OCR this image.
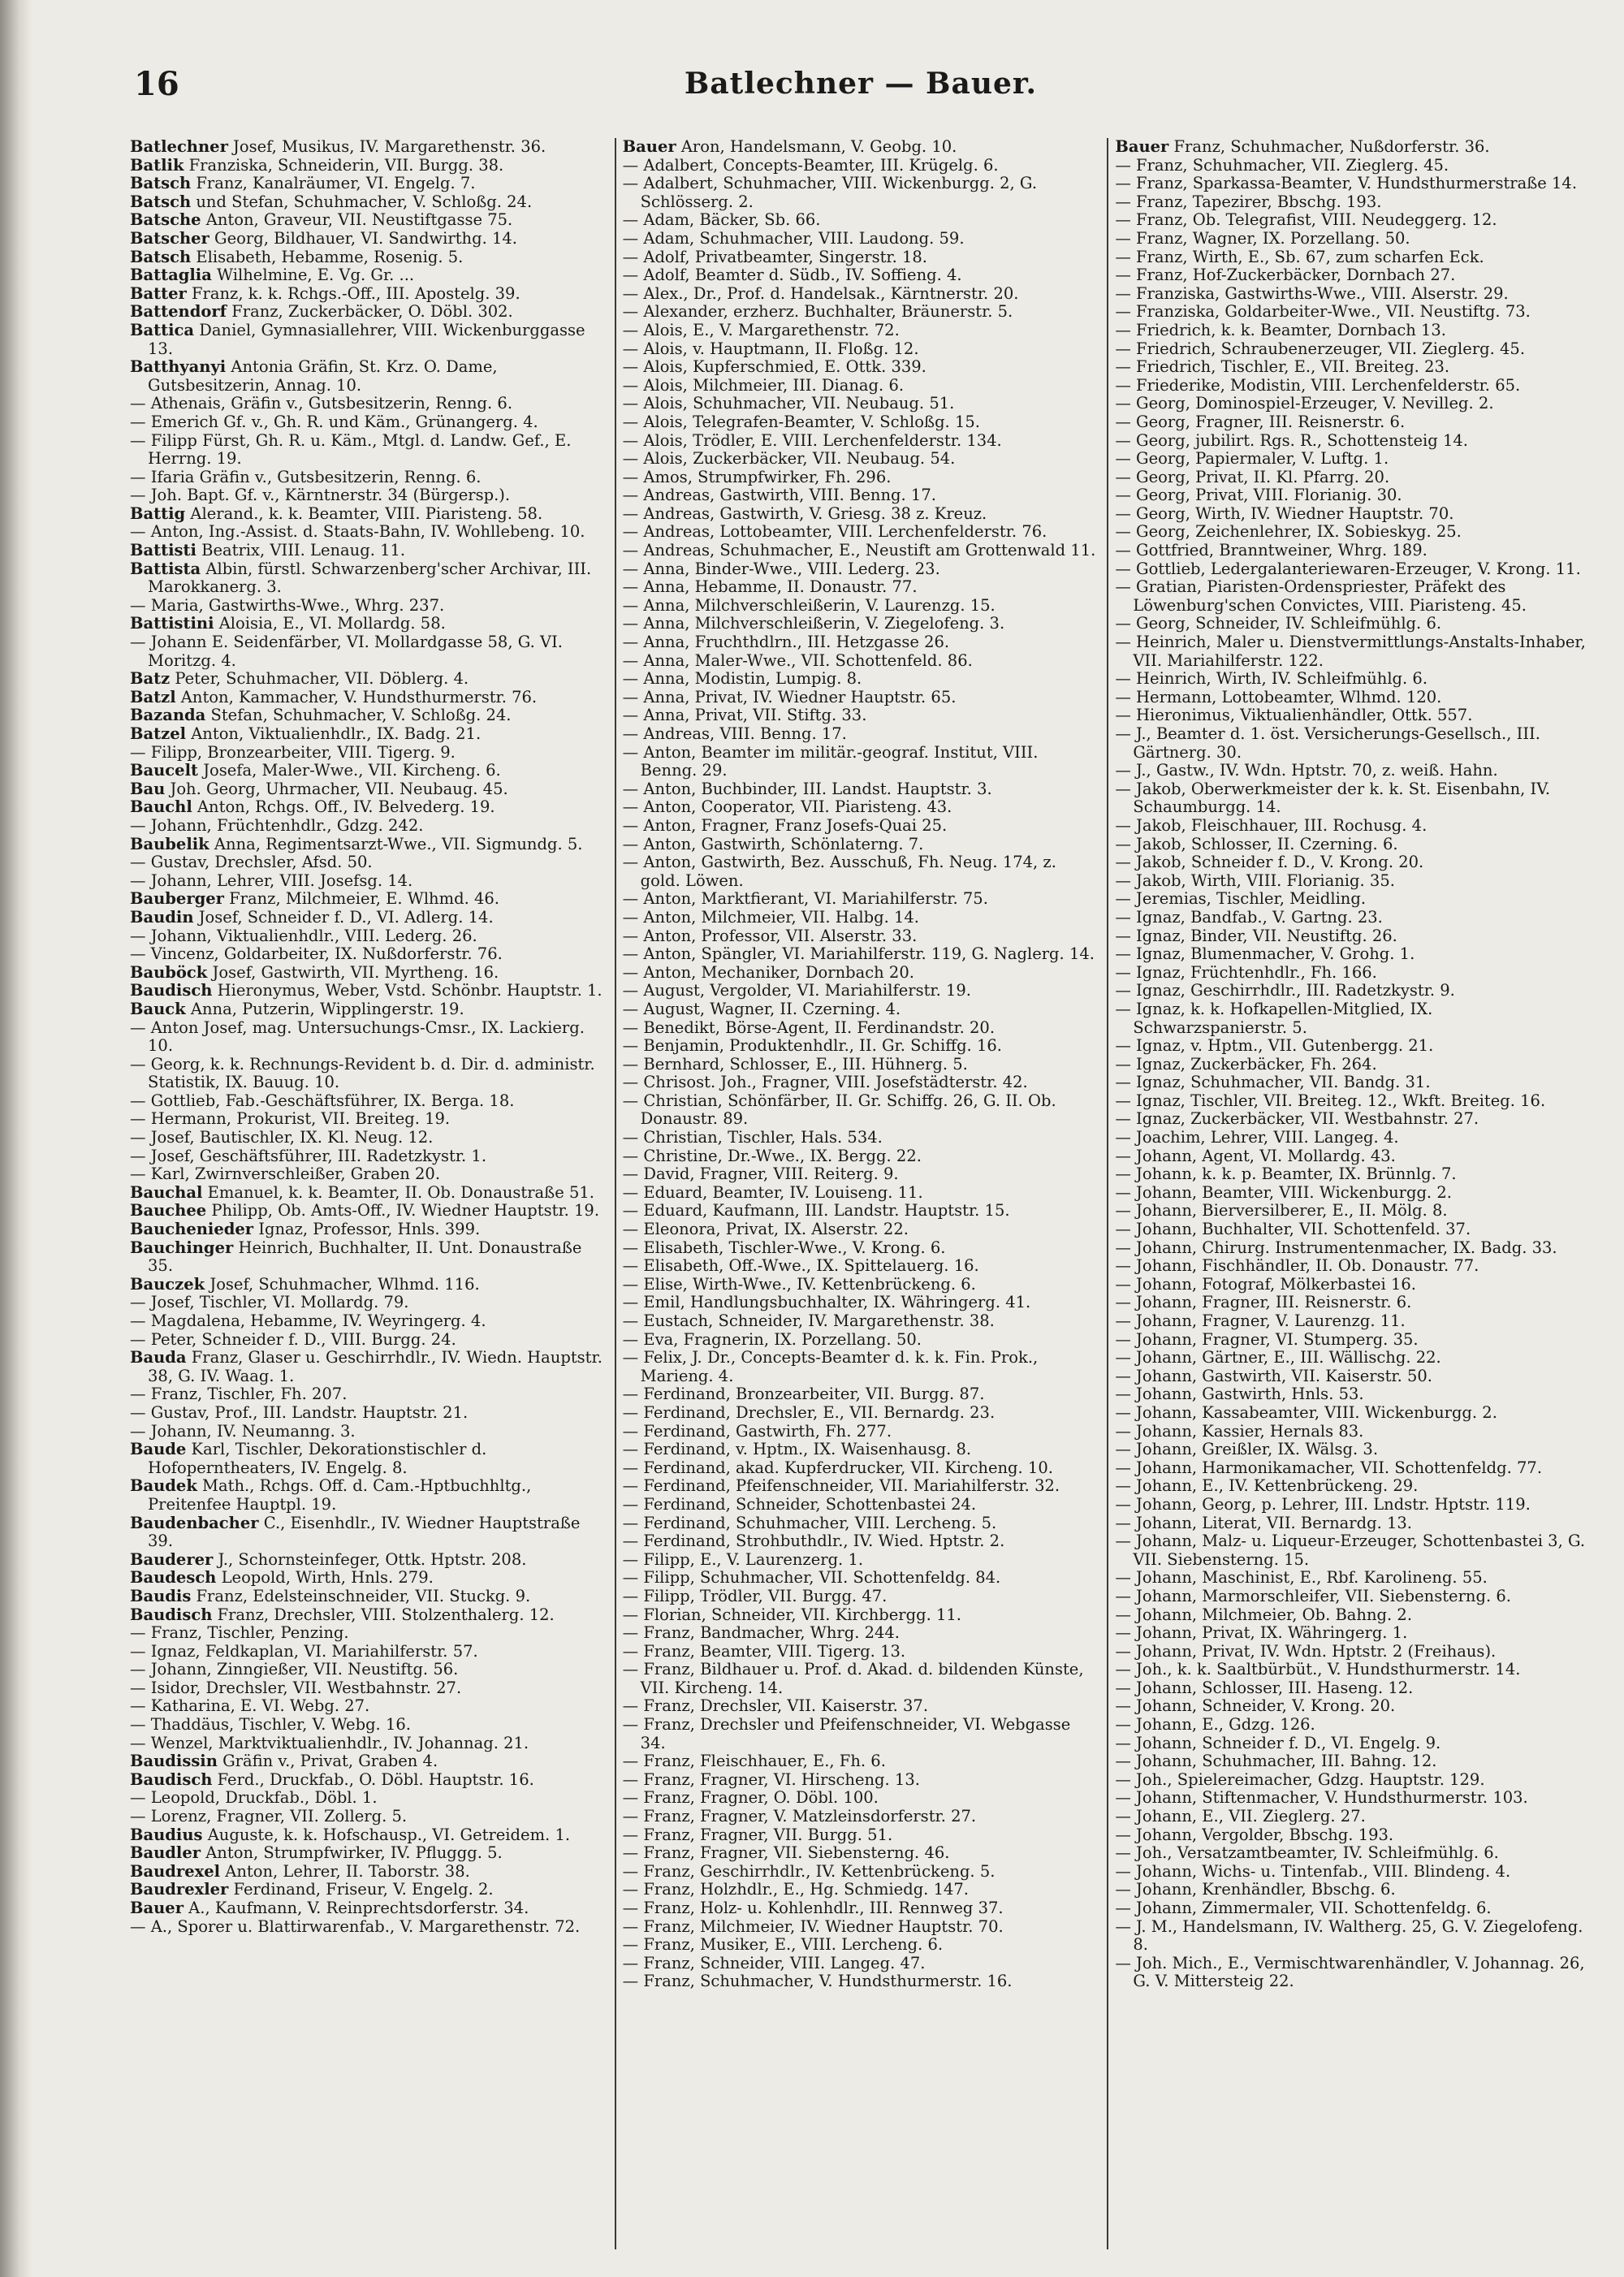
16	Batlechner — Bauer.
Batlechner Josef, Musikus, IV. Margarethenstr. 36.
Batlik Franziska, Schneiderin, VII. Burgg. 38.
Batsch Franz, Kanalräumer, VI. Engelg. 7.
Batsch und Stefan, Schuhmacher, V. Schloßg. 24.
Batsche Anton, Graveur, VII. Neustiftgasse 75.
Batscher Georg, Bildhauer, VI. Sandwirthg. 14.
Batsch Elisabeth, Hebamme, Rosenig. 5.
Battaglia Wilhelmine, E. Vg. Gr. ...
Batter Franz, k. k. Rchgs.-Off., III. Apostelg. 39.
Battendorf Franz, Zuckerbäcker, O. Döbl. 302.
Battica Daniel, Gymnasiallehrer, VIII. Wickenburggasse 13.
Batthyanyi Antonia Gräfin, St. Krz. O. Dame, Gutsbesitzerin, Annag. 10.
— Athenais, Gräfin v., Gutsbesitzerin, Renng. 6.
— Emerich Gf. v., Gh. R. und Käm., Grünangerg. 4.
— Filipp Fürst, Gh. R. u. Käm., Mtgl. d. Landw. Gef., E. Herrng. 19.
— Ifaria Gräfin v., Gutsbesitzerin, Renng. 6.
— Joh. Bapt. Gf. v., Kärntnerstr. 34 (Bürgersp.).
Battig Alerand., k. k. Beamter, VIII. Piaristeng. 58.
— Anton, Ing.-Assist. d. Staats-Bahn, IV. Wohllebeng. 10.
Battisti Beatrix, VIII. Lenaug. 11.
Battista Albin, fürstl. Schwarzenberg'scher Archivar, III. Marokkanerg. 3.
— Maria, Gastwirths-Wwe., Whrg. 237.
Battistini Aloisia, E., VI. Mollardg. 58.
— Johann E. Seidenfärber, VI. Mollardgasse 58, G. VI. Moritzg. 4.
Batz Peter, Schuhmacher, VII. Döblerg. 4.
Batzl Anton, Kammacher, V. Hundsthurmerstr. 76.
Bazanda Stefan, Schuhmacher, V. Schloßg. 24.
Batzel Anton, Viktualienhdlr., IX. Badg. 21.
— Filipp, Bronzearbeiter, VIII. Tigerg. 9.
Baucelt Josefa, Maler-Wwe., VII. Kircheng. 6.
Bau Joh. Georg, Uhrmacher, VII. Neubaug. 45.
Bauchl Anton, Rchgs. Off., IV. Belvederg. 19.
— Johann, Früchtenhdlr., Gdzg. 242.
Baubelik Anna, Regimentsarzt-Wwe., VII. Sigmundg. 5.
— Gustav, Drechsler, Afsd. 50.
— Johann, Lehrer, VIII. Josefsg. 14.
Bauberger Franz, Milchmeier, E. Wlhmd. 46.
Baudin Josef, Schneider f. D., VI. Adlerg. 14.
— Johann, Viktualienhdlr., VIII. Lederg. 26.
— Vincenz, Goldarbeiter, IX. Nußdorferstr. 76.
Bauböck Josef, Gastwirth, VII. Myrtheng. 16.
Baudisch Hieronymus, Weber, Vstd. Schönbr. Hauptstr. 1.
Bauck Anna, Putzerin, Wipplingerstr. 19.
— Anton Josef, mag. Untersuchungs-Cmsr., IX. Lackierg. 10.
— Georg, k. k. Rechnungs-Revident b. d. Dir. d. administr. Statistik, IX. Bauug. 10.
— Gottlieb, Fab.-Geschäftsführer, IX. Berga. 18.
— Hermann, Prokurist, VII. Breiteg. 19.
— Josef, Bautischler, IX. Kl. Neug. 12.
— Josef, Geschäftsführer, III. Radetzkystr. 1.
— Karl, Zwirnverschleißer, Graben 20.
Bauchal Emanuel, k. k. Beamter, II. Ob. Donaustraße 51.
Bauchee Philipp, Ob. Amts-Off., IV. Wiedner Hauptstr. 19.
Bauchenieder Ignaz, Professor, Hnls. 399.
Bauchinger Heinrich, Buchhalter, II. Unt. Donaustraße 35.
Bauczek Josef, Schuhmacher, Wlhmd. 116.
— Josef, Tischler, VI. Mollardg. 79.
— Magdalena, Hebamme, IV. Weyringerg. 4.
— Peter, Schneider f. D., VIII. Burgg. 24.
Bauda Franz, Glaser u. Geschirrhdlr., IV. Wiedn. Hauptstr. 38, G. IV. Waag. 1.
— Franz, Tischler, Fh. 207.
— Gustav, Prof., III. Landstr. Hauptstr. 21.
— Johann, IV. Neumanng. 3.
Baude Karl, Tischler, Dekorationstischler d. Hofoperntheaters, IV. Engelg. 8.
Baudek Math., Rchgs. Off. d. Cam.-Hptbuchhltg., Preitenfee Hauptpl. 19.
Baudenbacher C., Eisenhdlr., IV. Wiedner Hauptstraße 39.
Bauderer J., Schornsteinfeger, Ottk. Hptstr. 208.
Baudesch Leopold, Wirth, Hnls. 279.
Baudis Franz, Edelsteinschneider, VII. Stuckg. 9.
Baudisch Franz, Drechsler, VIII. Stolzenthalerg. 12.
— Franz, Tischler, Penzing.
— Ignaz, Feldkaplan, VI. Mariahilferstr. 57.
— Johann, Zinngießer, VII. Neustiftg. 56.
— Isidor, Drechsler, VII. Westbahnstr. 27.
— Katharina, E. VI. Webg. 27.
— Thaddäus, Tischler, V. Webg. 16.
— Wenzel, Marktviktualienhdlr., IV. Johannag. 21.
Baudissin Gräfin v., Privat, Graben 4.
Baudisch Ferd., Druckfab., O. Döbl. Hauptstr. 16.
— Leopold, Druckfab., Döbl. 1.
— Lorenz, Fragner, VII. Zollerg. 5.
Baudius Auguste, k. k. Hofschausp., VI. Getreidem. 1.
Baudler Anton, Strumpfwirker, IV. Pfluggg. 5.
Baudrexel Anton, Lehrer, II. Taborstr. 38.
Baudrexler Ferdinand, Friseur, V. Engelg. 2.
Bauer A., Kaufmann, V. Reinprechtsdorferstr. 34.
— A., Sporer u. Blattirwarenfab., V. Margarethenstr. 72.
Bauer Aron, Handelsmann, V. Geobg. 10.
— Adalbert, Concepts-Beamter, III. Krügelg. 6.
— Adalbert, Schuhmacher, VIII. Wickenburgg. 2, G. Schlösserg. 2.
— Adam, Bäcker, Sb. 66.
— Adam, Schuhmacher, VIII. Laudong. 59.
— Adolf, Privatbeamter, Singerstr. 18.
— Adolf, Beamter d. Südb., IV. Soffieng. 4.
— Alex., Dr., Prof. d. Handelsak., Kärntnerstr. 20.
— Alexander, erzherz. Buchhalter, Bräunerstr. 5.
— Alois, E., V. Margarethenstr. 72.
— Alois, v. Hauptmann, II. Floßg. 12.
— Alois, Kupferschmied, E. Ottk. 339.
— Alois, Milchmeier, III. Dianag. 6.
— Alois, Schuhmacher, VII. Neubaug. 51.
— Alois, Telegrafen-Beamter, V. Schloßg. 15.
— Alois, Trödler, E. VIII. Lerchenfelderstr. 134.
— Alois, Zuckerbäcker, VII. Neubaug. 54.
— Amos, Strumpfwirker, Fh. 296.
— Andreas, Gastwirth, VIII. Benng. 17.
— Andreas, Gastwirth, V. Griesg. 38 z. Kreuz.
— Andreas, Lottobeamter, VIII. Lerchenfelderstr. 76.
— Andreas, Schuhmacher, E., Neustift am Grottenwald 11.
— Anna, Binder-Wwe., VIII. Lederg. 23.
— Anna, Hebamme, II. Donaustr. 77.
— Anna, Milchverschleißerin, V. Laurenzg. 15.
— Anna, Milchverschleißerin, V. Ziegelofeng. 3.
— Anna, Fruchthdlrn., III. Hetzgasse 26.
— Anna, Maler-Wwe., VII. Schottenfeld. 86.
— Anna, Modistin, Lumpig. 8.
— Anna, Privat, IV. Wiedner Hauptstr. 65.
— Anna, Privat, VII. Stiftg. 33.
— Andreas, VIII. Benng. 17.
— Anton, Beamter im militär.-geograf. Institut, VIII. Benng. 29.
— Anton, Buchbinder, III. Landst. Hauptstr. 3.
— Anton, Cooperator, VII. Piaristeng. 43.
— Anton, Fragner, Franz Josefs-Quai 25.
— Anton, Gastwirth, Schönlaterng. 7.
— Anton, Gastwirth, Bez. Ausschuß, Fh. Neug. 174, z. gold. Löwen.
— Anton, Marktfierant, VI. Mariahilferstr. 75.
— Anton, Milchmeier, VII. Halbg. 14.
— Anton, Professor, VII. Alserstr. 33.
— Anton, Spängler, VI. Mariahilferstr. 119, G. Naglerg. 14.
— Anton, Mechaniker, Dornbach 20.
— August, Vergolder, VI. Mariahilferstr. 19.
— August, Wagner, II. Czerning. 4.
— Benedikt, Börse-Agent, II. Ferdinandstr. 20.
— Benjamin, Produktenhdlr., II. Gr. Schiffg. 16.
— Bernhard, Schlosser, E., III. Hühnerg. 5.
— Chrisost. Joh., Fragner, VIII. Josefstädterstr. 42.
— Christian, Schönfärber, II. Gr. Schiffg. 26, G. II. Ob. Donaustr. 89.
— Christian, Tischler, Hals. 534.
— Christine, Dr.-Wwe., IX. Bergg. 22.
— David, Fragner, VIII. Reiterg. 9.
— Eduard, Beamter, IV. Louiseng. 11.
— Eduard, Kaufmann, III. Landstr. Hauptstr. 15.
— Eleonora, Privat, IX. Alserstr. 22.
— Elisabeth, Tischler-Wwe., V. Krong. 6.
— Elisabeth, Off.-Wwe., IX. Spittelauerg. 16.
— Elise, Wirth-Wwe., IV. Kettenbrückeng. 6.
— Emil, Handlungsbuchhalter, IX. Währingerg. 41.
— Eustach, Schneider, IV. Margarethenstr. 38.
— Eva, Fragnerin, IX. Porzellang. 50.
— Felix, J. Dr., Concepts-Beamter d. k. k. Fin. Prok., Marieng. 4.
— Ferdinand, Bronzearbeiter, VII. Burgg. 87.
— Ferdinand, Drechsler, E., VII. Bernardg. 23.
— Ferdinand, Gastwirth, Fh. 277.
— Ferdinand, v. Hptm., IX. Waisenhausg. 8.
— Ferdinand, akad. Kupferdrucker, VII. Kircheng. 10.
— Ferdinand, Pfeifenschneider, VII. Mariahilferstr. 32.
— Ferdinand, Schneider, Schottenbastei 24.
— Ferdinand, Schuhmacher, VIII. Lercheng. 5.
— Ferdinand, Strohbuthdlr., IV. Wied. Hptstr. 2.
— Filipp, E., V. Laurenzerg. 1.
— Filipp, Schuhmacher, VII. Schottenfeldg. 84.
— Filipp, Trödler, VII. Burgg. 47.
— Florian, Schneider, VII. Kirchbergg. 11.
— Franz, Bandmacher, Whrg. 244.
— Franz, Beamter, VIII. Tigerg. 13.
— Franz, Bildhauer u. Prof. d. Akad. d. bildenden Künste, VII. Kircheng. 14.
— Franz, Drechsler, VII. Kaiserstr. 37.
— Franz, Drechsler und Pfeifenschneider, VI. Webgasse 34.
— Franz, Fleischhauer, E., Fh. 6.
— Franz, Fragner, VI. Hirscheng. 13.
— Franz, Fragner, O. Döbl. 100.
— Franz, Fragner, V. Matzleinsdorferstr. 27.
— Franz, Fragner, VII. Burgg. 51.
— Franz, Fragner, VII. Siebensterng. 46.
— Franz, Geschirrhdlr., IV. Kettenbrückeng. 5.
— Franz, Holzhdlr., E., Hg. Schmiedg. 147.
— Franz, Holz- u. Kohlenhdlr., III. Rennweg 37.
— Franz, Milchmeier, IV. Wiedner Hauptstr. 70.
— Franz, Musiker, E., VIII. Lercheng. 6.
— Franz, Schneider, VIII. Langeg. 47.
— Franz, Schuhmacher, V. Hundsthurmerstr. 16.
Bauer Franz, Schuhmacher, Nußdorferstr. 36.
— Franz, Schuhmacher, VII. Zieglerg. 45.
— Franz, Sparkassa-Beamter, V. Hundsthurmerstraße 14.
— Franz, Tapezirer, Bbschg. 193.
— Franz, Ob. Telegrafist, VIII. Neudeggerg. 12.
— Franz, Wagner, IX. Porzellang. 50.
— Franz, Wirth, E., Sb. 67, zum scharfen Eck.
— Franz, Hof-Zuckerbäcker, Dornbach 27.
— Franziska, Gastwirths-Wwe., VIII. Alserstr. 29.
— Franziska, Goldarbeiter-Wwe., VII. Neustiftg. 73.
— Friedrich, k. k. Beamter, Dornbach 13.
— Friedrich, Schraubenerzeuger, VII. Zieglerg. 45.
— Friedrich, Tischler, E., VII. Breiteg. 23.
— Friederike, Modistin, VIII. Lerchenfelderstr. 65.
— Georg, Dominospiel-Erzeuger, V. Nevilleg. 2.
— Georg, Fragner, III. Reisnerstr. 6.
— Georg, jubilirt. Rgs. R., Schottensteig 14.
— Georg, Papiermaler, V. Luftg. 1.
— Georg, Privat, II. Kl. Pfarrg. 20.
— Georg, Privat, VIII. Florianig. 30.
— Georg, Wirth, IV. Wiedner Hauptstr. 70.
— Georg, Zeichenlehrer, IX. Sobieskyg. 25.
— Gottfried, Branntweiner, Whrg. 189.
— Gottlieb, Ledergalanteriewaren-Erzeuger, V. Krong. 11.
— Gratian, Piaristen-Ordenspriester, Präfekt des Löwenburg'schen Convictes, VIII. Piaristeng. 45.
— Georg, Schneider, IV. Schleifmühlg. 6.
— Heinrich, Maler u. Dienstvermittlungs-Anstalts-Inhaber, VII. Mariahilferstr. 122.
— Heinrich, Wirth, IV. Schleifmühlg. 6.
— Hermann, Lottobeamter, Wlhmd. 120.
— Hieronimus, Viktualienhändler, Ottk. 557.
— J., Beamter d. 1. öst. Versicherungs-Gesellsch., III. Gärtnerg. 30.
— J., Gastw., IV. Wdn. Hptstr. 70, z. weiß. Hahn.
— Jakob, Oberwerkmeister der k. k. St. Eisenbahn, IV. Schaumburgg. 14.
— Jakob, Fleischhauer, III. Rochusg. 4.
— Jakob, Schlosser, II. Czerning. 6.
— Jakob, Schneider f. D., V. Krong. 20.
— Jakob, Wirth, VIII. Florianig. 35.
— Jeremias, Tischler, Meidling.
— Ignaz, Bandfab., V. Gartng. 23.
— Ignaz, Binder, VII. Neustiftg. 26.
— Ignaz, Blumenmacher, V. Grohg. 1.
— Ignaz, Früchtenhdlr., Fh. 166.
— Ignaz, Geschirrhdlr., III. Radetzkystr. 9.
— Ignaz, k. k. Hofkapellen-Mitglied, IX. Schwarzspanierstr. 5.
— Ignaz, v. Hptm., VII. Gutenbergg. 21.
— Ignaz, Zuckerbäcker, Fh. 264.
— Ignaz, Schuhmacher, VII. Bandg. 31.
— Ignaz, Tischler, VII. Breiteg. 12., Wkft. Breiteg. 16.
— Ignaz, Zuckerbäcker, VII. Westbahnstr. 27.
— Joachim, Lehrer, VIII. Langeg. 4.
— Johann, Agent, VI. Mollardg. 43.
— Johann, k. k. p. Beamter, IX. Brünnlg. 7.
— Johann, Beamter, VIII. Wickenburgg. 2.
— Johann, Bierversilberer, E., II. Mölg. 8.
— Johann, Buchhalter, VII. Schottenfeld. 37.
— Johann, Chirurg. Instrumentenmacher, IX. Badg. 33.
— Johann, Fischhändler, II. Ob. Donaustr. 77.
— Johann, Fotograf, Mölkerbastei 16.
— Johann, Fragner, III. Reisnerstr. 6.
— Johann, Fragner, V. Laurenzg. 11.
— Johann, Fragner, VI. Stumperg. 35.
— Johann, Gärtner, E., III. Wällischg. 22.
— Johann, Gastwirth, VII. Kaiserstr. 50.
— Johann, Gastwirth, Hnls. 53.
— Johann, Kassabeamter, VIII. Wickenburgg. 2.
— Johann, Kassier, Hernals 83.
— Johann, Greißler, IX. Wälsg. 3.
— Johann, Harmonikamacher, VII. Schottenfeldg. 77.
— Johann, E., IV. Kettenbrückeng. 29.
— Johann, Georg, p. Lehrer, III. Lndstr. Hptstr. 119.
— Johann, Literat, VII. Bernardg. 13.
— Johann, Malz- u. Liqueur-Erzeuger, Schottenbastei 3, G. VII. Siebensterng. 15.
— Johann, Maschinist, E., Rbf. Karolineng. 55.
— Johann, Marmorschleifer, VII. Siebensterng. 6.
— Johann, Milchmeier, Ob. Bahng. 2.
— Johann, Privat, IX. Währingerg. 1.
— Johann, Privat, IV. Wdn. Hptstr. 2 (Freihaus).
— Joh., k. k. Saaltbürbüt., V. Hundsthurmerstr. 14.
— Johann, Schlosser, III. Haseng. 12.
— Johann, Schneider, V. Krong. 20.
— Johann, E., Gdzg. 126.
— Johann, Schneider f. D., VI. Engelg. 9.
— Johann, Schuhmacher, III. Bahng. 12.
— Joh., Spielereimacher, Gdzg. Hauptstr. 129.
— Johann, Stiftenmacher, V. Hundsthurmerstr. 103.
— Johann, E., VII. Zieglerg. 27.
— Johann, Vergolder, Bbschg. 193.
— Joh., Versatzamtbeamter, IV. Schleifmühlg. 6.
— Johann, Wichs- u. Tintenfab., VIII. Blindeng. 4.
— Johann, Krenhändler, Bbschg. 6.
— Johann, Zimmermaler, VII. Schottenfeldg. 6.
— J. M., Handelsmann, IV. Waltherg. 25, G. V. Ziegelofeng. 8.
— Joh. Mich., E., Vermischtwarenhändler, V. Johannag. 26, G. V. Mittersteig 22.
